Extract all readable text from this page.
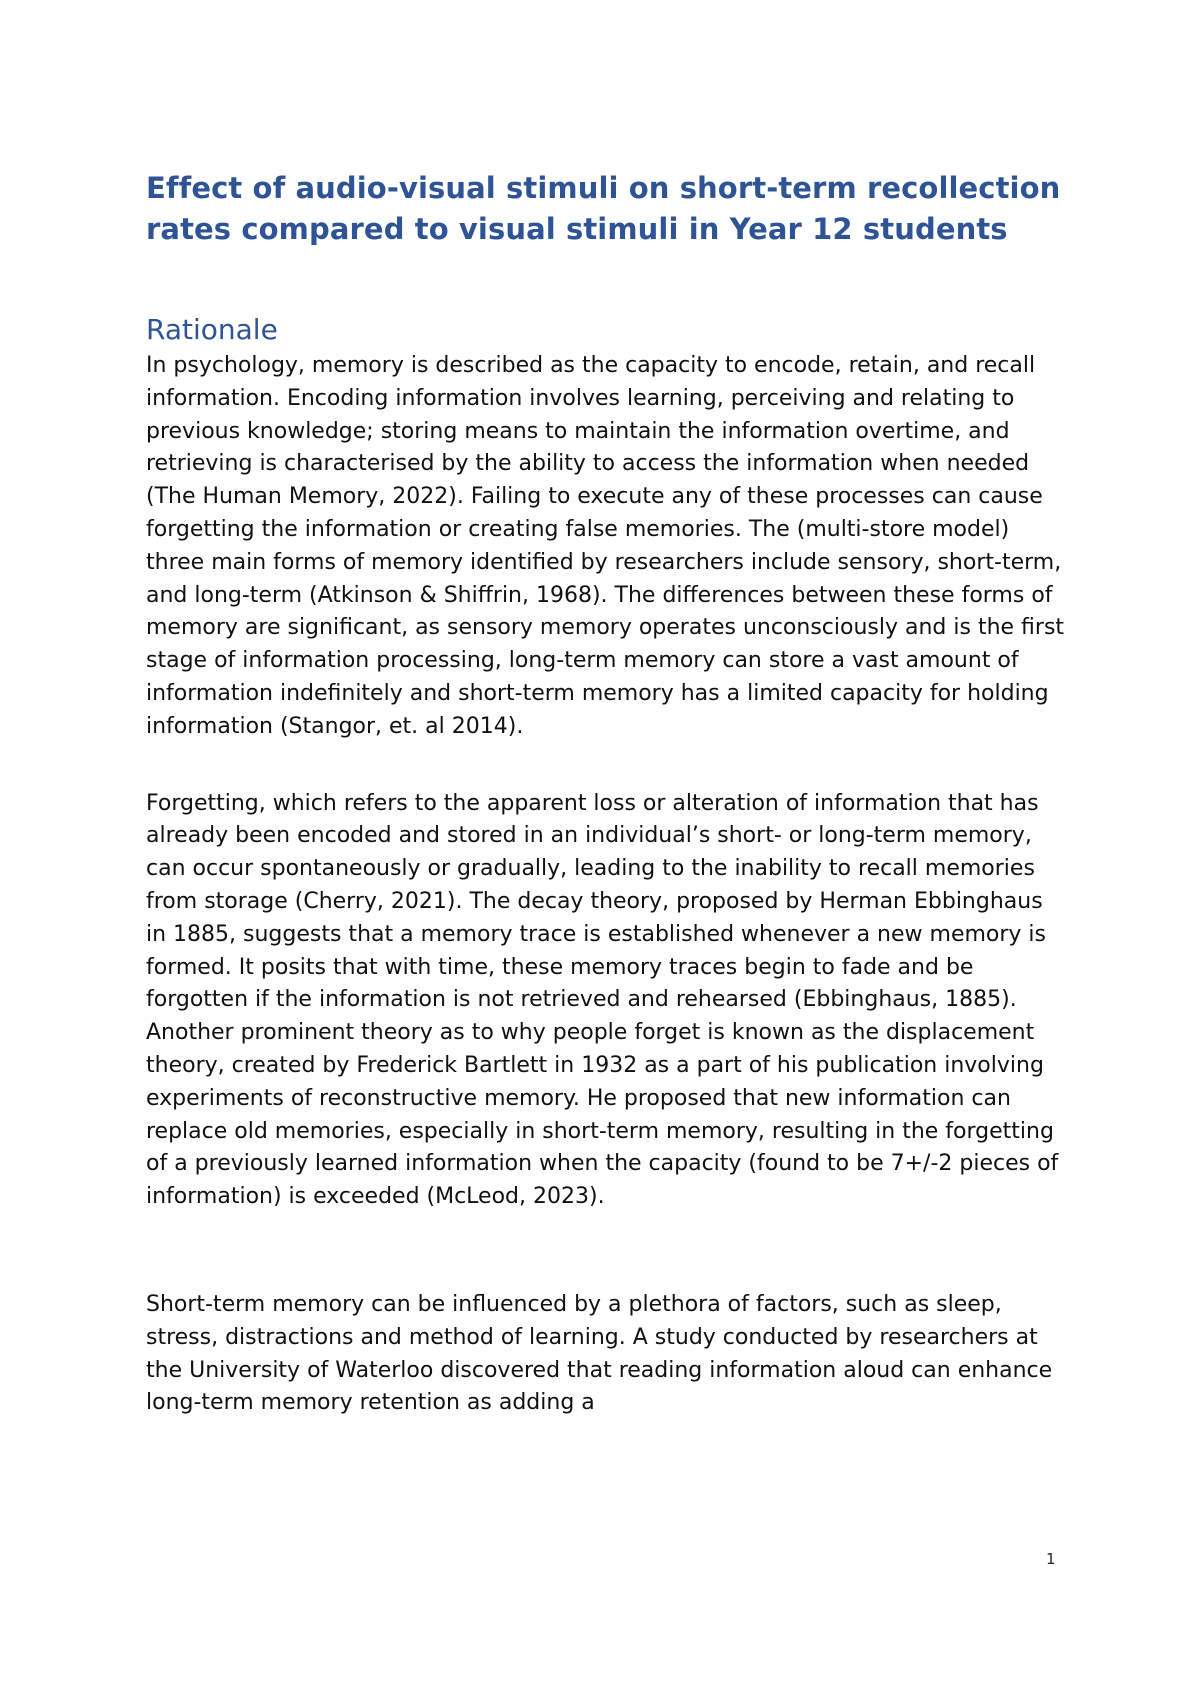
Effect of audio-visual stimuli on short-term recollection rates compared to visual stimuli in Year 12 students
Rationale

In psychology, memory is described as the capacity to encode, retain, and recall information. Encoding information involves learning, perceiving and relating to previous knowledge; storing means to maintain the information overtime, and retrieving is characterised by the ability to access the information when needed (The Human Memory, 2022). Failing to execute any of these processes can cause forgetting the information or creating false memories. The (multi-store model) three main forms of memory identified by researchers include sensory, short-term, and long-term (Atkinson & Shiffrin, 1968). The differences between these forms of memory are significant, as sensory memory operates unconsciously and is the first stage of information processing, long-term memory can store a vast amount of information indefinitely and short-term memory has a limited capacity for holding information (Stangor, et. al 2014).

Forgetting, which refers to the apparent loss or alteration of information that has already been encoded and stored in an individual’s short- or long-term memory, can occur spontaneously or gradually, leading to the inability to recall memories from storage (Cherry, 2021). The decay theory, proposed by Herman Ebbinghaus in 1885, suggests that a memory trace is established whenever a new memory is formed. It posits that with time, these memory traces begin to fade and be forgotten if the information is not retrieved and rehearsed (Ebbinghaus, 1885). Another prominent theory as to why people forget is known as the displacement theory, created by Frederick Bartlett in 1932 as a part of his publication involving experiments of reconstructive memory. He proposed that new information can replace old memories, especially in short-term memory, resulting in the forgetting of a previously learned information when the capacity (found to be 7+/-2 pieces of information) is exceeded (McLeod, 2023).

Short-term memory can be influenced by a plethora of factors, such as sleep, stress, distractions and method of learning. A study conducted by researchers at the University of Waterloo discovered that reading information aloud can enhance long-term memory retention as adding a

1
